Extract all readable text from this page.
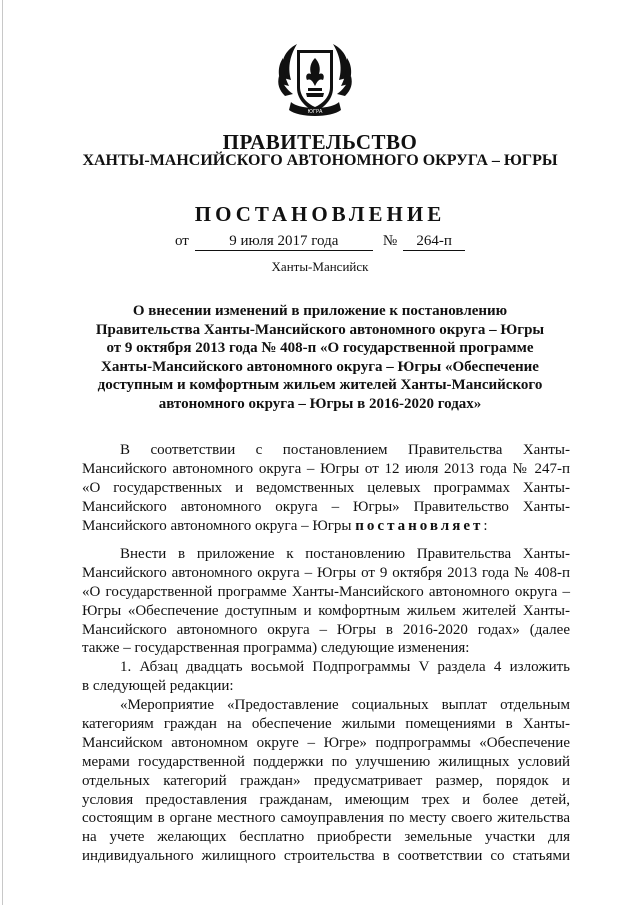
ЮГРА
ПРАВИТЕЛЬСТВО
ХАНТЫ-МАНСИЙСКОГО АВТОНОМНОГО ОКРУГА – ЮГРЫ
ПОСТАНОВЛЕНИЕ
от	9 июля 2017 года	№ 264-п
Ханты-Мансийск
О внесении изменений в приложение к постановлению
Правительства Ханты-Мансийского автономного округа – Югры
от 9 октября 2013 года № 408-п «О государственной программе
Ханты-Мансийского автономного округа – Югры «Обеспечение
доступным и комфортным жильем жителей Ханты-Мансийского
автономного округа – Югры в 2016-2020 годах»
В соответствии с постановлением Правительства Ханты-
Мансийского автономного округа – Югры от 12 июля 2013 года № 247-п
«О государственных и ведомственных целевых программах Ханты-
Мансийского автономного округа – Югры» Правительство Ханты-
Мансийского автономного округа – Югры постановляет:
Внести в приложение к постановлению Правительства Ханты-
Мансийского автономного округа – Югры от 9 октября 2013 года № 408-п
«О государственной программе Ханты-Мансийского автономного округа –
Югры «Обеспечение доступным и комфортным жильем жителей Ханты-
Мансийского автономного округа – Югры в 2016-2020 годах» (далее
также – государственная программа) следующие изменения:
1. Абзац двадцать восьмой Подпрограммы V раздела 4 изложить
в следующей редакции:
«Мероприятие «Предоставление социальных выплат отдельным
категориям граждан на обеспечение жилыми помещениями в Ханты-
Мансийском автономном округе – Югре» подпрограммы «Обеспечение
мерами государственной поддержки по улучшению жилищных условий
отдельных категорий граждан» предусматривает размер, порядок и
условия предоставления гражданам, имеющим трех и более детей,
состоящим в органе местного самоуправления по месту своего жительства
на учете желающих бесплатно приобрести земельные участки для
индивидуального жилищного строительства в соответствии со статьями
